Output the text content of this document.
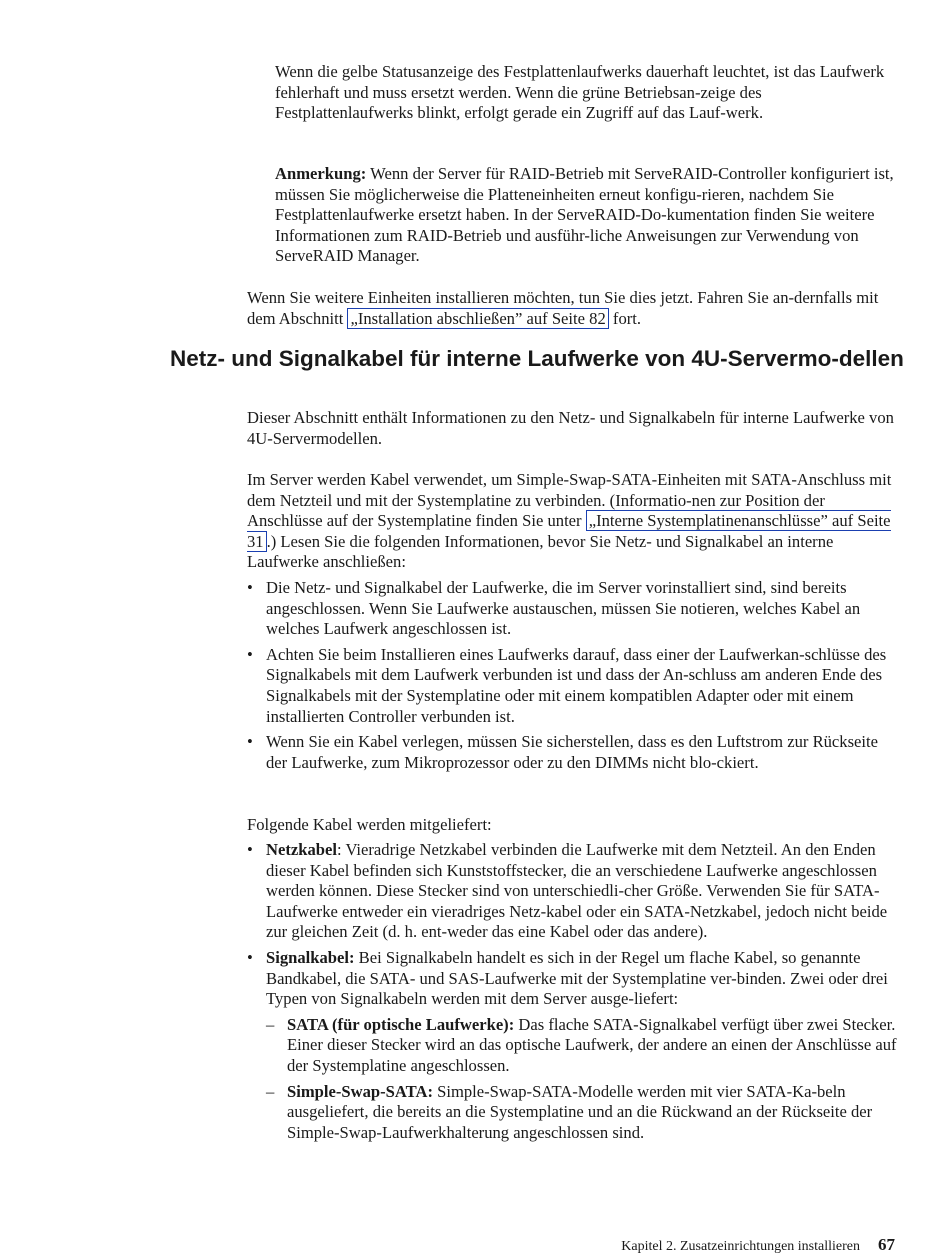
Wenn die gelbe Statusanzeige des Festplattenlaufwerks dauerhaft leuchtet, ist das Laufwerk fehlerhaft und muss ersetzt werden. Wenn die grüne Betriebsan-zeige des Festplattenlaufwerks blinkt, erfolgt gerade ein Zugriff auf das Lauf-werk.

Anmerkung: Wenn der Server für RAID-Betrieb mit ServeRAID-Controller konfiguriert ist, müssen Sie möglicherweise die Platteneinheiten erneut konfigu-rieren, nachdem Sie Festplattenlaufwerke ersetzt haben. In der ServeRAID-Do-kumentation finden Sie weitere Informationen zum RAID-Betrieb und ausführ-liche Anweisungen zur Verwendung von ServeRAID Manager.

Wenn Sie weitere Einheiten installieren möchten, tun Sie dies jetzt. Fahren Sie an-dernfalls mit dem Abschnitt „Installation abschließen” auf Seite 82 fort.

Netz- und Signalkabel für interne Laufwerke von 4U-Servermo-dellen

Dieser Abschnitt enthält Informationen zu den Netz- und Signalkabeln für interne Laufwerke von 4U-Servermodellen.

Im Server werden Kabel verwendet, um Simple-Swap-SATA-Einheiten mit SATA-Anschluss mit dem Netzteil und mit der Systemplatine zu verbinden. (Informatio-nen zur Position der Anschlüsse auf der Systemplatine finden Sie unter „Interne Systemplatinenanschlüsse” auf Seite 31 .) Lesen Sie die folgenden Informationen, bevor Sie Netz- und Signalkabel an interne Laufwerke anschließen:

• Die Netz- und Signalkabel der Laufwerke, die im Server vorinstalliert sind, sind bereits angeschlossen. Wenn Sie Laufwerke austauschen, müssen Sie notieren, welches Kabel an welches Laufwerk angeschlossen ist.
• Achten Sie beim Installieren eines Laufwerks darauf, dass einer der Laufwerkan-schlüsse des Signalkabels mit dem Laufwerk verbunden ist und dass der An-schluss am anderen Ende des Signalkabels mit der Systemplatine oder mit einem kompatiblen Adapter oder mit einem installierten Controller verbunden ist.
• Wenn Sie ein Kabel verlegen, müssen Sie sicherstellen, dass es den Luftstrom zur Rückseite der Laufwerke, zum Mikroprozessor oder zu den DIMMs nicht blo-ckiert.

Folgende Kabel werden mitgeliefert:

• Netzkabel: Vieradrige Netzkabel verbinden die Laufwerke mit dem Netzteil. An den Enden dieser Kabel befinden sich Kunststoffstecker, die an verschiedene Laufwerke angeschlossen werden können. Diese Stecker sind von unterschiedli-cher Größe. Verwenden Sie für SATA-Laufwerke entweder ein vieradriges Netz-kabel oder ein SATA-Netzkabel, jedoch nicht beide zur gleichen Zeit (d. h. ent-weder das eine Kabel oder das andere).
• Signalkabel: Bei Signalkabeln handelt es sich in der Regel um flache Kabel, so genannte Bandkabel, die SATA- und SAS-Laufwerke mit der Systemplatine ver-binden. Zwei oder drei Typen von Signalkabeln werden mit dem Server ausge-liefert:
– SATA (für optische Laufwerke): Das flache SATA-Signalkabel verfügt über zwei Stecker. Einer dieser Stecker wird an das optische Laufwerk, der andere an einen der Anschlüsse auf der Systemplatine angeschlossen.
– Simple-Swap-SATA: Simple-Swap-SATA-Modelle werden mit vier SATA-Ka-beln ausgeliefert, die bereits an die Systemplatine und an die Rückwand an der Rückseite der Simple-Swap-Laufwerkhalterung angeschlossen sind.
Kapitel 2. Zusatzeinrichtungen installieren 67
